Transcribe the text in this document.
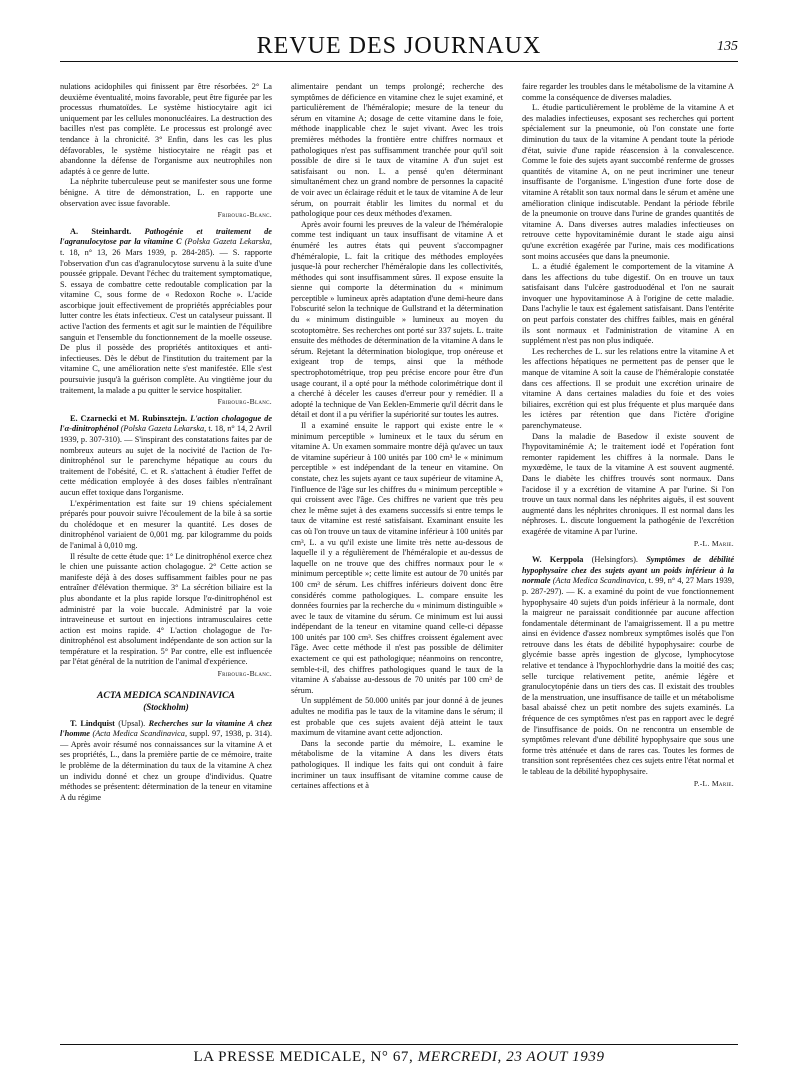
REVUE DES JOURNAUX	135

nulations acidophiles qui finissent par être résorbées. 2° La deuxième éventualité, moins favorable, peut être figurée par les processus rhumatoïdes. Le système histiocytaire agit ici uniquement par les cellules mononucléaires. La destruction des bacilles n'est pas complète. Le processus est prolongé avec tendance à la chronicité. 3° Enfin, dans les cas les plus défavorables, le système histiocytaire ne réagit pas et abandonne la défense de l'organisme aux neutrophiles non adaptés à ce genre de lutte.

La néphrite tuberculeuse peut se manifester sous une forme bénigne. A titre de démonstration, L. en rapporte une observation avec issue favorable.

Fribourg-Blanc.

A. Steinhardt. Pathogénie et traitement de l'agranulocytose par la vitamine C (Polska Gazeta Lekarska, t. 18, n° 13, 26 Mars 1939, p. 284-285). — S. rapporte l'observation d'un cas d'agranulocytose survenu à la suite d'une poussée grippale. Devant l'échec du traitement symptomatique, S. essaya de combattre cette redoutable complication par la vitamine C, sous forme de « Redoxon Roche ». L'acide ascorbique jouit effectivement de propriétés appréciables pour lutter contre les états infectieux. C'est un catalyseur puissant. Il active l'action des ferments et agit sur le maintien de l'équilibre sanguin et l'ensemble du fonctionnement de la moelle osseuse. De plus il possède des propriétés antitoxiques et anti-infectieuses. Dès le début de l'institution du traitement par la vitamine C, une amélioration nette s'est manifestée. Elle s'est poursuivie jusqu'à la guérison complète. Au vingtième jour du traitement, la malade a pu quitter le service hospitalier.

Fribourg-Blanc.

E. Czarnecki et M. Rubinsztejn. L'action cholagogue de l'α-dinitrophénol (Polska Gazeta Lekarska, t. 18, n° 14, 2 Avril 1939, p. 307-310). — S'inspirant des constatations faites par de nombreux auteurs au sujet de la nocivité de l'action de l'α-dinitrophénol sur le parenchyme hépatique au cours du traitement de l'obésité, C. et R. s'attachent à étudier l'effet de cette médication employée à des doses faibles n'entraînant aucun effet toxique dans l'organisme.

L'expérimentation est faite sur 19 chiens spécialement préparés pour pouvoir suivre l'écoulement de la bile à sa sortie du cholédoque et en mesurer la quantité. Les doses de dinitrophénol variaient de 0,001 mg. par kilogramme du poids de l'animal à 0,010 mg.

Il résulte de cette étude que: 1° Le dinitrophénol exerce chez le chien une puissante action cholagogue. 2° Cette action se manifeste déjà à des doses suffisamment faibles pour ne pas entraîner d'élévation thermique. 3° La sécrétion biliaire est la plus abondante et la plus rapide lorsque l'α-dinitrophénol est administré par la voie buccale. Administré par la voie intraveineuse et surtout en injections intramusculaires cette action est moins rapide. 4° L'action cholagogue de l'α-dinitrophénol est absolument indépendante de son action sur la température et la respiration. 5° Par contre, elle est influencée par l'état général de la nutrition de l'animal d'expérience.

Fribourg-Blanc.
ACTA MEDICA SCANDINAVICA
(Stockholm)

T. Lindquist (Upsal). Recherches sur la vitamine A chez l'homme (Acta Medica Scandinavica, suppl. 97, 1938, p. 314). — Après avoir résumé nos connaissances sur la vitamine A et ses propriétés, L., dans la première partie de ce mémoire, traite le problème de la détermination du taux de la vitamine A chez un individu donné et chez un groupe d'individus. Quatre méthodes se présentent: détermination de la teneur en vitamine A du régime

alimentaire pendant un temps prolongé; recherche des symptômes de déficience en vitamine chez le sujet examiné, et particulièrement de l'héméralopie; mesure de la teneur du sérum en vitamine A; dosage de cette vitamine dans le foie, méthode inapplicable chez le sujet vivant. Avec les trois premières méthodes la frontière entre chiffres normaux et pathologiques n'est pas suffisamment tranchée pour qu'il soit possible de dire si le taux de vitamine A d'un sujet est satisfaisant ou non. L. a pensé qu'en déterminant simultanément chez un grand nombre de personnes la capacité de voir avec un éclairage réduit et le taux de vitamine A de leur sérum, on pourrait établir les limites du normal et du pathologique pour ces deux méthodes d'examen.

Après avoir fourni les preuves de la valeur de l'héméralopie comme test indiquant un taux insuffisant de vitamine A et énuméré les autres états qui peuvent s'accompagner d'héméralopie, L. fait la critique des méthodes employées jusque-là pour rechercher l'héméralopie dans les collectivités, méthodes qui sont insuffisamment sûres. Il expose ensuite la sienne qui comporte la détermination du « minimum perceptible » lumineux après adaptation d'une demi-heure dans l'obscurité selon la technique de Gullstrand et la détermination du « minimum distinguible » lumineux au moyen du scotoptomètre. Ses recherches ont porté sur 337 sujets. L. traite ensuite des méthodes de détermination de la vitamine A dans le sérum. Rejetant la détermination biologique, trop onéreuse et exigeant trop de temps, ainsi que la méthode spectrophotométrique, trop peu précise encore pour être d'un usage courant, il a opté pour la méthode colorimétrique dont il a cherché à déceler les causes d'erreur pour y remédier. Il a adopté la technique de Van Eeklen-Emmerie qu'il décrit dans le détail et dont il a pu vérifier la supériorité sur toutes les autres.

Il a examiné ensuite le rapport qui existe entre le « minimum perceptible » lumineux et le taux du sérum en vitamine A. Un examen sommaire montre déjà qu'avec un taux de vitamine supérieur à 100 unités par 100 cm³ le « minimum perceptible » est indépendant de la teneur en vitamine. On constate, chez les sujets ayant ce taux supérieur de vitamine A, l'influence de l'âge sur les chiffres du « minimum perceptible » qui croissent avec l'âge. Ces chiffres ne varient que très peu chez le même sujet à des examens successifs si entre temps le taux de vitamine est resté satisfaisant. Examinant ensuite les cas où l'on trouve un taux de vitamine inférieur à 100 unités par cm³, L. a vu qu'il existe une limite très nette au-dessous de laquelle il y a régulièrement de l'héméralopie et au-dessus de laquelle on ne trouve que des chiffres normaux pour le « minimum perceptible »; cette limite est autour de 70 unités par 100 cm³ de sérum. Les chiffres inférieurs doivent donc être considérés comme pathologiques. L. compare ensuite les données fournies par la recherche du « minimum distinguible » avec le taux de vitamine du sérum. Ce minimum est lui aussi indépendant de la teneur en vitamine quand celle-ci dépasse 100 unités par 100 cm³. Ses chiffres croissent également avec l'âge. Avec cette méthode il n'est pas possible de délimiter exactement ce qui est pathologique; néanmoins on rencontre, semble-t-il, des chiffres pathologiques quand le taux de la vitamine A s'abaisse au-dessous de 70 unités par 100 cm³ de sérum.

Un supplément de 50.000 unités par jour donné à de jeunes adultes ne modifia pas le taux de la vitamine dans le sérum; il est probable que ces sujets avaient déjà atteint le taux maximum de vitamine avant cette adjonction.

Dans la seconde partie du mémoire, L. examine le métabolisme de la vitamine A dans les divers états pathologiques. Il indique les faits qui ont conduit à faire incriminer un taux insuffisant de vitamine comme cause de certaines affections et à

faire regarder les troubles dans le métabolisme de la vitamine A comme la conséquence de diverses maladies.

L. étudie particulièrement le problème de la vitamine A et des maladies infectieuses, exposant ses recherches qui portent spécialement sur la pneumonie, où l'on constate une forte diminution du taux de la vitamine A pendant toute la période d'état, suivie d'une rapide réascension à la convalescence. Comme le foie des sujets ayant succombé renferme de grosses quantités de vitamine A, on ne peut incriminer une teneur insuffisante de l'organisme. L'ingestion d'une forte dose de vitamine A rétablit son taux normal dans le sérum et amène une amélioration clinique indiscutable. Pendant la période fébrile de la pneumonie on trouve dans l'urine de grandes quantités de vitamine A. Dans diverses autres maladies infectieuses on retrouve cette hypovitaminémie durant le stade aigu ainsi qu'une excrétion exagérée par l'urine, mais ces modifications sont moins accusées que dans la pneumonie.

L. a étudié également le comportement de la vitamine A dans les affections du tube digestif. On en trouve un taux satisfaisant dans l'ulcère gastroduodénal et l'on ne saurait invoquer une hypovitaminose A à l'origine de cette maladie. Dans l'achylie le taux est également satisfaisant. Dans l'entérite on peut parfois constater des chiffres faibles, mais en général ils sont normaux et l'administration de vitamine A en supplément n'est pas non plus indiquée.

Les recherches de L. sur les relations entre la vitamine A et les affections hépatiques ne permettent pas de penser que le manque de vitamine A soit la cause de l'héméralopie constatée dans ces affections. Il se produit une excrétion urinaire de vitamine A dans certaines maladies du foie et des voies biliaires, excrétion qui est plus fréquente et plus marquée dans les ictères par rétention que dans l'ictère d'origine parenchymateuse.

Dans la maladie de Basedow il existe souvent de l'hypovitaminémie A; le traitement iodé et l'opération font remonter rapidement les chiffres à la normale. Dans le myxœdème, le taux de la vitamine A est souvent augmenté. Dans le diabète les chiffres trouvés sont normaux. Dans l'acidose il y a excrétion de vitamine A par l'urine. Si l'on trouve un taux normal dans les néphrites aiguës, il est souvent augmenté dans les néphrites chroniques. Il est normal dans les néphroses. L. discute longuement la pathogénie de l'excrétion exagérée de vitamine A par l'urine.

P.-L. Marie.

W. Kerppola (Helsingfors). Symptômes de débilité hypophysaire chez des sujets ayant un poids inférieur à la normale (Acta Medica Scandinavica, t. 99, n° 4, 27 Mars 1939, p. 287-297). — K. a examiné du point de vue fonctionnement hypophysaire 40 sujets d'un poids inférieur à la normale, dont la maigreur ne paraissait conditionnée par aucune affection fondamentale déterminant de l'amaigrissement. Il a pu mettre ainsi en évidence d'assez nombreux symptômes isolés que l'on retrouve dans les états de débilité hypophysaire: courbe de glycémie basse après ingestion de glycose, lymphocytose relative et tendance à l'hypochlorhydrie dans la moitié des cas; selle turcique relativement petite, anémie légère et granulocytopénie dans un tiers des cas. Il existait des troubles de la menstruation, une insuffisance de taille et un métabolisme basal abaissé chez un petit nombre des sujets examinés. La fréquence de ces symptômes n'est pas en rapport avec le degré de l'insuffisance de poids. On ne rencontra un ensemble de symptômes relevant d'une débilité hypophysaire que sous une forme très atténuée et dans de rares cas. Toutes les formes de transition sont représentées chez ces sujets entre l'état normal et le tableau de la débilité hypophysaire.

P.-L. Marie.
LA PRESSE MEDICALE, N° 67, MERCREDI, 23 AOUT 1939
